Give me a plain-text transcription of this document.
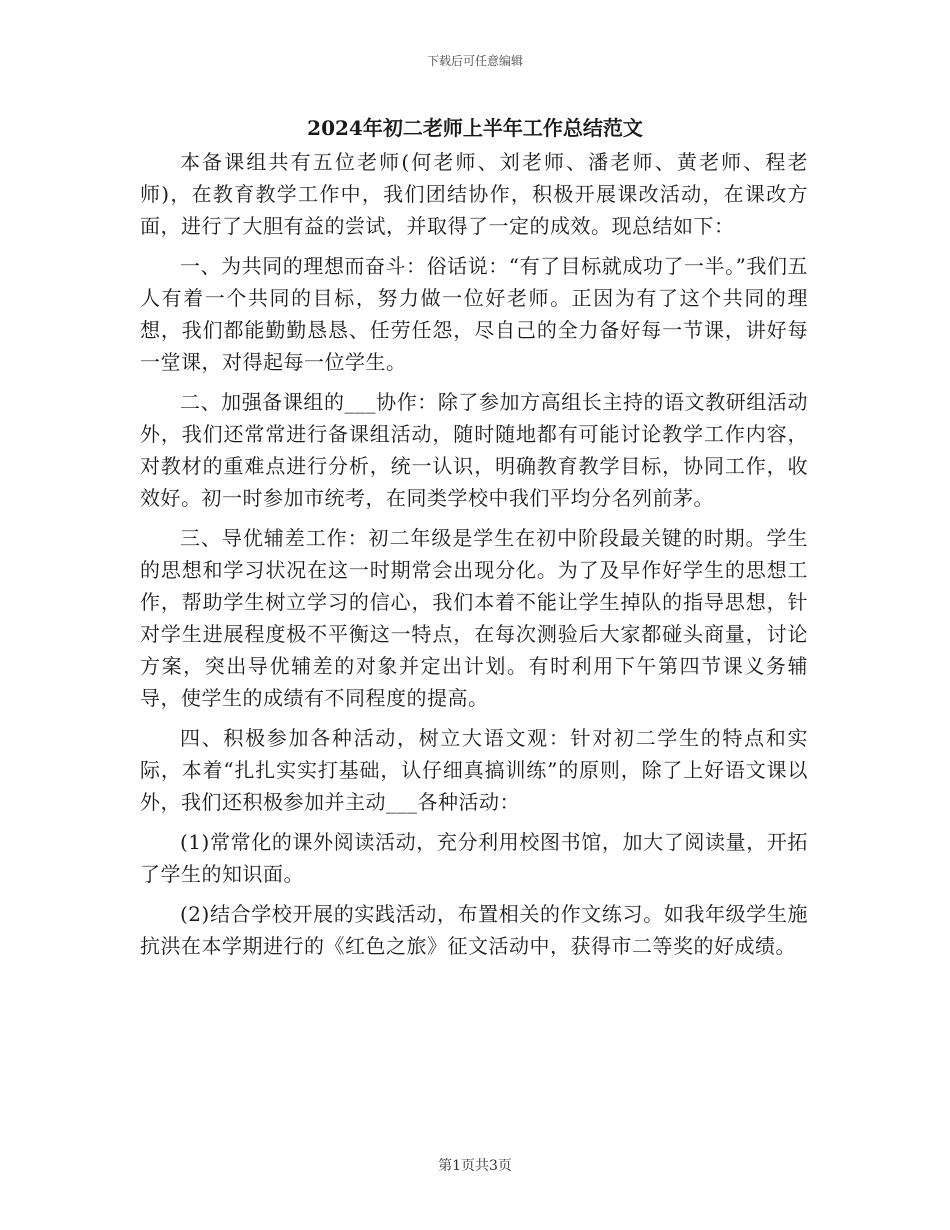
下载后可任意编辑
2024年初二老师上半年工作总结范文

本备课组共有五位老师(何老师、刘老师、潘老师、黄老师、程老师)，在教育教学工作中，我们团结协作，积极开展课改活动，在课改方面，进行了大胆有益的尝试，并取得了一定的成效。现总结如下：

一、为共同的理想而奋斗：俗话说：“有了目标就成功了一半。”我们五人有着一个共同的目标，努力做一位好老师。正因为有了这个共同的理想，我们都能勤勤恳恳、任劳任怨，尽自己的全力备好每一节课，讲好每一堂课，对得起每一位学生。

二、加强备课组的___协作：除了参加方高组长主持的语文教研组活动外，我们还常常进行备课组活动，随时随地都有可能讨论教学工作内容，对教材的重难点进行分析，统一认识，明确教育教学目标，协同工作，收效好。初一时参加市统考，在同类学校中我们平均分名列前茅。

三、导优辅差工作：初二年级是学生在初中阶段最关键的时期。学生的思想和学习状况在这一时期常会出现分化。为了及早作好学生的思想工作，帮助学生树立学习的信心，我们本着不能让学生掉队的指导思想，针对学生进展程度极不平衡这一特点，在每次测验后大家都碰头商量，讨论方案，突出导优辅差的对象并定出计划。有时利用下午第四节课义务辅导，使学生的成绩有不同程度的提高。

四、积极参加各种活动，树立大语文观：针对初二学生的特点和实际，本着“扎扎实实打基础，认仔细真搞训练”的原则，除了上好语文课以外，我们还积极参加并主动___各种活动：

(1)常常化的课外阅读活动，充分利用校图书馆，加大了阅读量，开拓了学生的知识面。

(2)结合学校开展的实践活动，布置相关的作文练习。如我年级学生施抗洪在本学期进行的《红色之旅》征文活动中，获得市二等奖的好成绩。

第1页共3页
